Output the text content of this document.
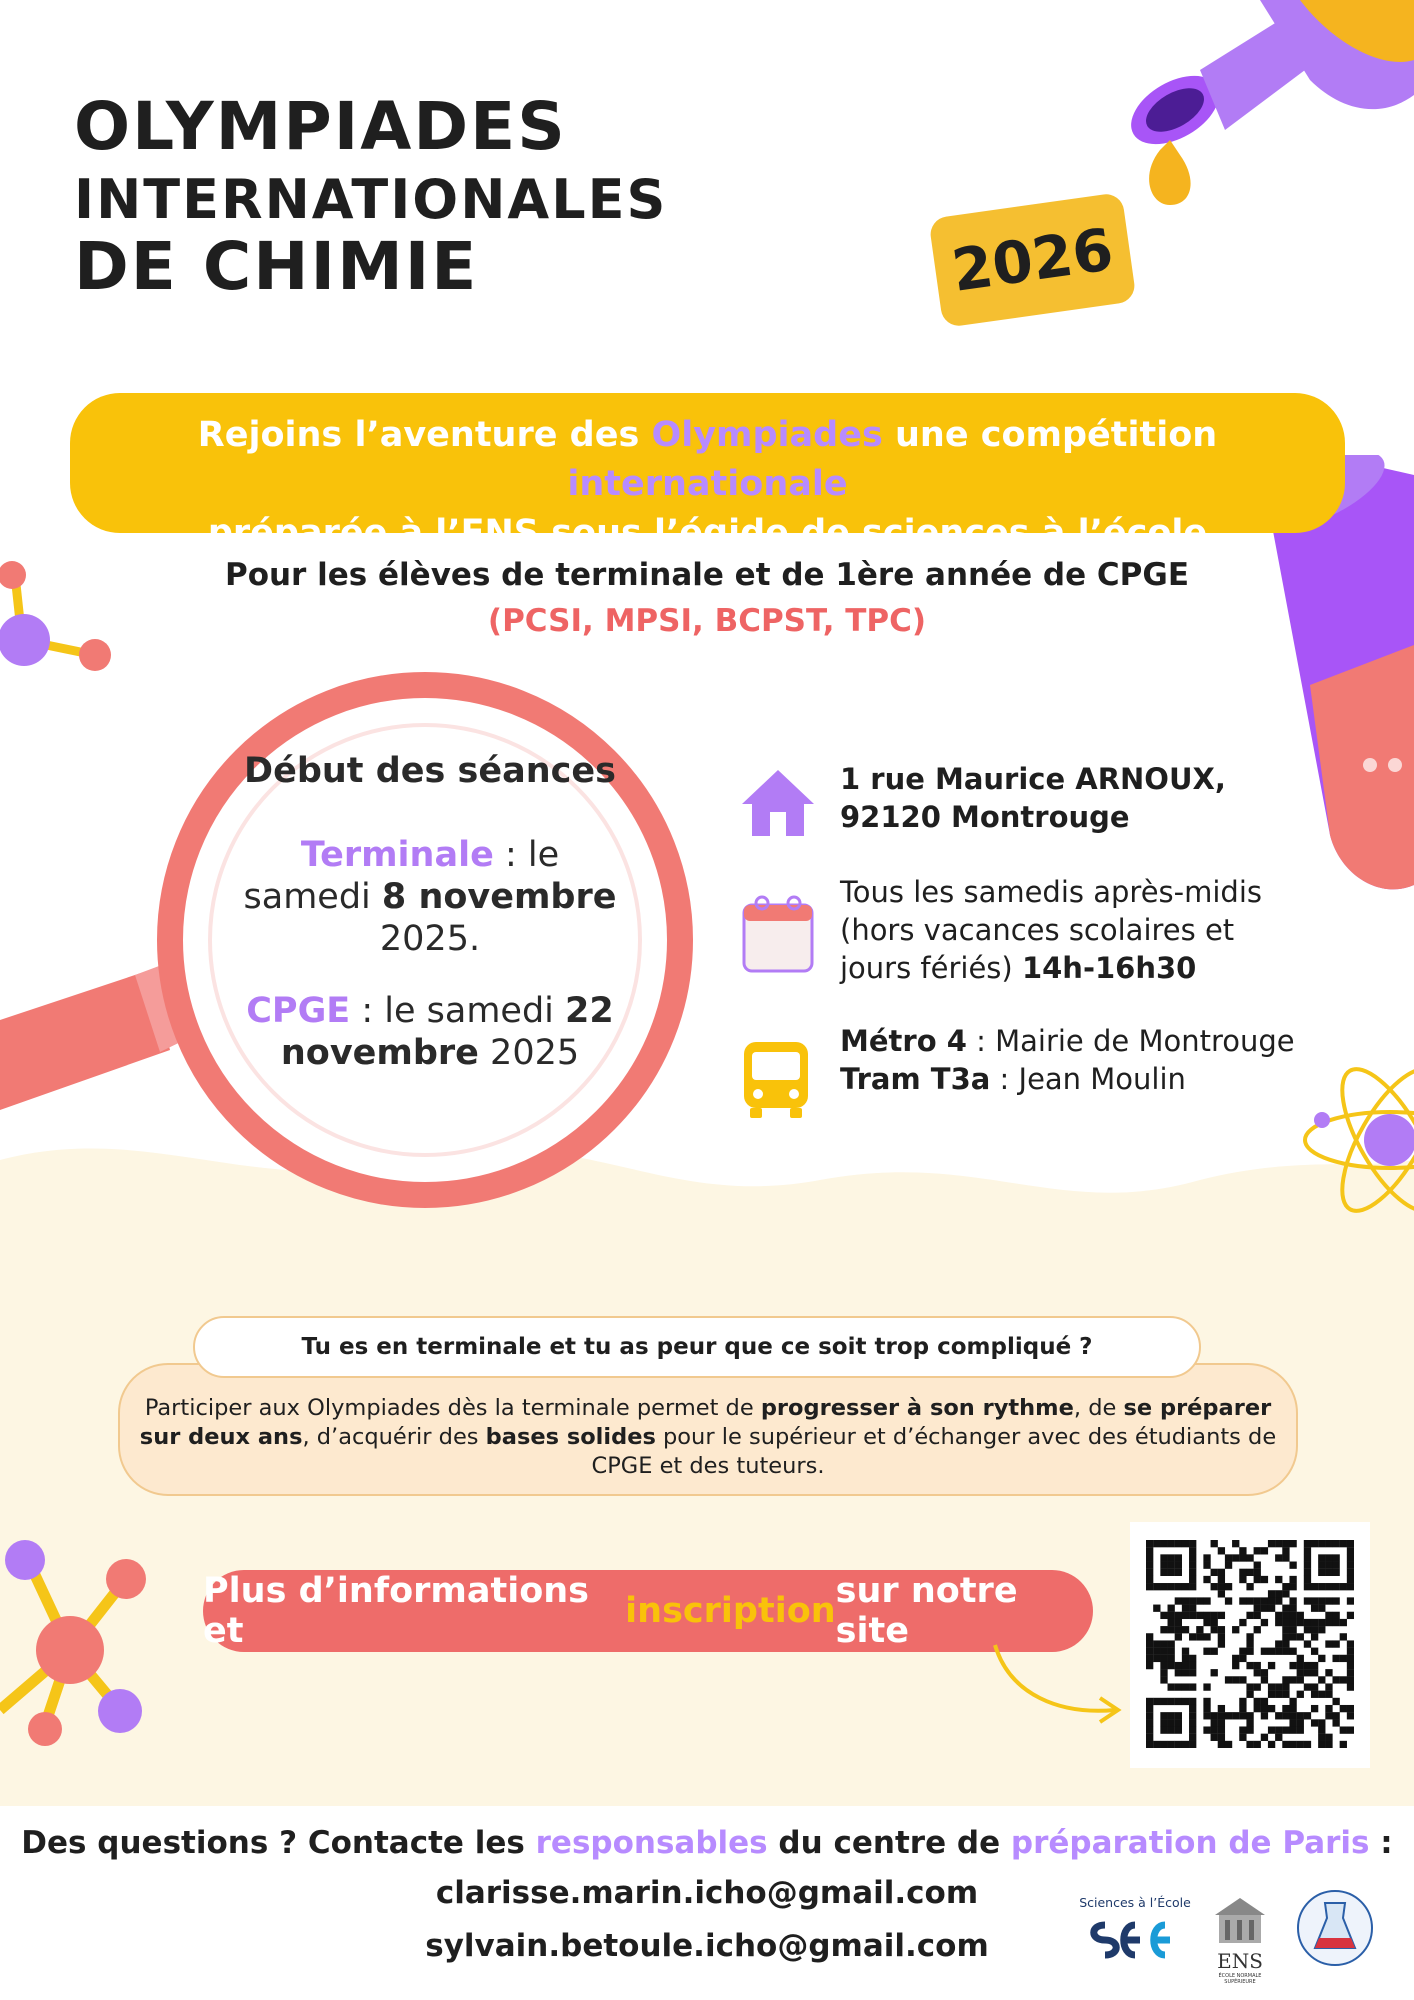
OLYMPIADES
INTERNATIONALES
DE CHIMIE	2026
Rejoins l’aventure des Olympiades une compétition internationale
préparée à l’ENS sous l’égide de sciences à l’école
Pour les élèves de terminale et de 1ère année de CPGE
(PCSI, MPSI, BCPST, TPC)
Début des séances
Terminale : le
samedi 8 novembre
2025.
CPGE : le samedi 22
novembre 2025
1 rue Maurice ARNOUX,
92120 Montrouge
Tous les samedis après-midis
(hors vacances scolaires et
jours fériés) 14h-16h30
Métro 4 : Mairie de Montrouge
Tram T3a : Jean Moulin
Participer aux Olympiades dès la terminale permet de progresser à son rythme, de se préparer
sur deux ans, d’acquérir des bases solides pour le supérieur et d’échanger avec des étudiants de
CPGE et des tuteurs.
Tu es en terminale et tu as peur que ce soit trop compliqué ?
Plus d’informations et	inscription sur notre site
Des questions ? Contacte les responsables du centre de préparation de Paris :
clarisse.marin.icho@gmail.com
sylvain.betoule.icho@gmail.com
Sciences à l’École
ENS
ÉCOLE NORMALE SUPÉRIEURE
